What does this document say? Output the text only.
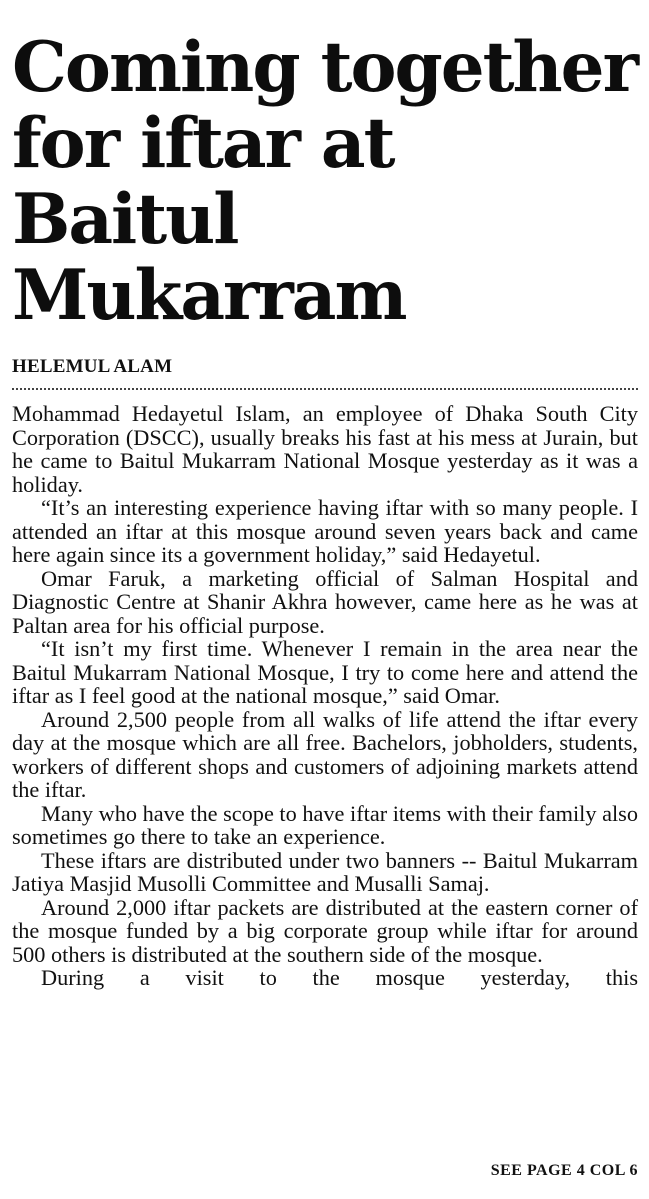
Coming together for iftar at Baitul Mukarram
HELEMUL ALAM

Mohammad Hedayetul Islam, an employee of Dhaka South City Corporation (DSCC), usually breaks his fast at his mess at Jurain, but he came to Baitul Mukarram National Mosque yesterday as it was a holiday.

“It’s an interesting experience having iftar with so many people. I attended an iftar at this mosque around seven years back and came here again since its a government holiday,” said Hedayetul.

Omar Faruk, a marketing official of Salman Hospital and Diagnostic Centre at Shanir Akhra however, came here as he was at Paltan area for his official purpose.

“It isn’t my first time. Whenever I remain in the area near the Baitul Mukarram National Mosque, I try to come here and attend the iftar as I feel good at the national mosque,” said Omar.

Around 2,500 people from all walks of life attend the iftar every day at the mosque which are all free. Bachelors, jobholders, students, workers of different shops and customers of adjoining markets attend the iftar.

Many who have the scope to have iftar items with their family also sometimes go there to take an experience.

These iftars are distributed under two banners -- Baitul Mukarram Jatiya Masjid Musolli Committee and Musalli Samaj.

Around 2,000 iftar packets are distributed at the eastern corner of the mosque funded by a big corporate group while iftar for around 500 others is distributed at the southern side of the mosque.

During a visit to the mosque yesterday, this

SEE PAGE 4 COL 6
